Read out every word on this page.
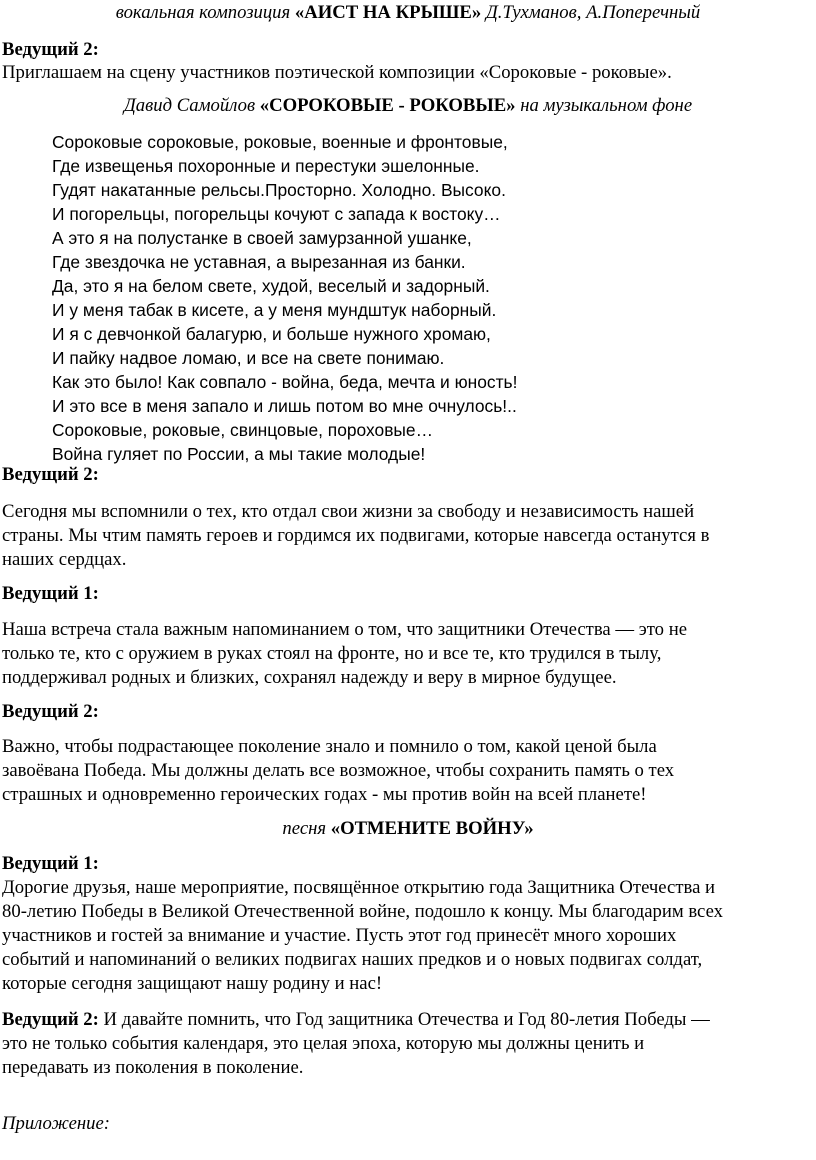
вокальная композиция «АИСТ НА КРЫШЕ» Д.Тухманов, А.Поперечный
Ведущий 2:
Приглашаем на сцену участников поэтической композиции «Сороковые - роковые».
Давид Самойлов «СОРОКОВЫЕ - РОКОВЫЕ» на музыкальном фоне
Сороковые сороковые, роковые, военные и фронтовые,
Где извещенья похоронные и перестуки эшелонные.
Гудят накатанные рельсы.Просторно. Холодно. Высоко.
И погорельцы, погорельцы кочуют с запада к востоку…
А это я на полустанке в своей замурзанной ушанке,
Где звездочка не уставная, а вырезанная из банки.
Да, это я на белом свете, худой, веселый и задорный.
И у меня табак в кисете, а у меня мундштук наборный.
И я с девчонкой балагурю, и больше нужного хромаю,
И пайку надвое ломаю, и все на свете понимаю.
Как это было! Как совпало - война, беда, мечта и юность!
И это все в меня запало и лишь потом во мне очнулось!..
Сороковые, роковые, свинцовые, пороховые…
Война гуляет по России, а мы такие молодые!
Ведущий 2:
Сегодня мы вспомнили о тех, кто отдал свои жизни за свободу и независимость нашей
страны. Мы чтим память героев и гордимся их подвигами, которые навсегда останутся в
наших сердцах.
Ведущий 1:
Наша встреча стала важным напоминанием о том, что защитники Отечества — это не
только те, кто с оружием в руках стоял на фронте, но и все те, кто трудился в тылу,
поддерживал родных и близких, сохранял надежду и веру в мирное будущее.
Ведущий 2:
Важно, чтобы подрастающее поколение знало и помнило о том, какой ценой была
завоёвана Победа. Мы должны делать все возможное, чтобы сохранить память о тех
страшных и одновременно героических годах - мы против войн на всей планете!
песня «ОТМЕНИТЕ ВОЙНУ»
Ведущий 1:
Дорогие друзья, наше мероприятие, посвящённое открытию года Защитника Отечества и
80-летию Победы в Великой Отечественной войне, подошло к концу. Мы благодарим всех
участников и гостей за внимание и участие. Пусть этот год принесёт много хороших
событий и напоминаний о великих подвигах наших предков и о новых подвигах солдат,
которые сегодня защищают нашу родину и нас!
Ведущий 2: И давайте помнить, что Год защитника Отечества и Год 80-летия Победы —
это не только события календаря, это целая эпоха, которую мы должны ценить и
передавать из поколения в поколение.
Приложение:
